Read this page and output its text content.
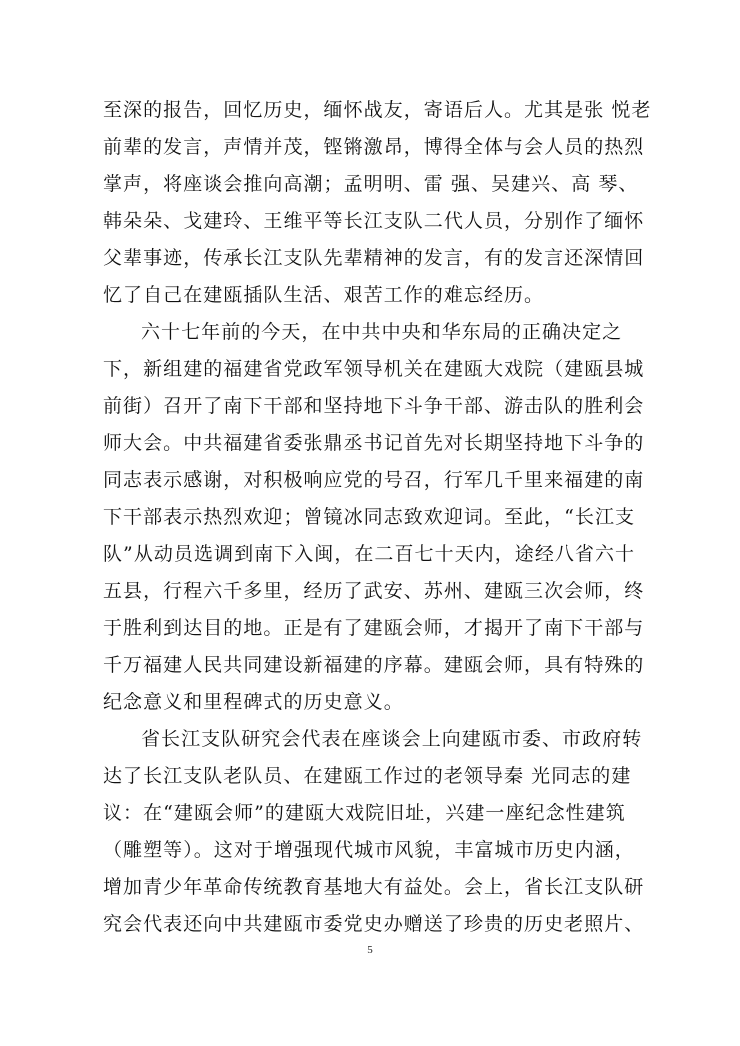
至深的报告，回忆历史，缅怀战友，寄语后人。尤其是张 悦老
前辈的发言，声情并茂，铿锵激昂，博得全体与会人员的热烈
掌声，将座谈会推向高潮；孟明明、雷 强、吴建兴、高 琴、
韩朵朵、戈建玲、王维平等长江支队二代人员，分别作了缅怀
父辈事迹，传承长江支队先辈精神的发言，有的发言还深情回
忆了自己在建瓯插队生活、艰苦工作的难忘经历。
六十七年前的今天，在中共中央和华东局的正确决定之
下，新组建的福建省党政军领导机关在建瓯大戏院（建瓯县城
前街）召开了南下干部和坚持地下斗争干部、游击队的胜利会
师大会。中共福建省委张鼎丞书记首先对长期坚持地下斗争的
同志表示感谢，对积极响应党的号召，行军几千里来福建的南
下干部表示热烈欢迎；曾镜冰同志致欢迎词。至此，“长江支
队”从动员选调到南下入闽，在二百七十天内，途经八省六十
五县，行程六千多里，经历了武安、苏州、建瓯三次会师，终
于胜利到达目的地。正是有了建瓯会师，才揭开了南下干部与
千万福建人民共同建设新福建的序幕。建瓯会师，具有特殊的
纪念意义和里程碑式的历史意义。
省长江支队研究会代表在座谈会上向建瓯市委、市政府转
达了长江支队老队员、在建瓯工作过的老领导秦 光同志的建
议：在“建瓯会师”的建瓯大戏院旧址，兴建一座纪念性建筑
（雕塑等）。这对于增强现代城市风貌，丰富城市历史内涵，
增加青少年革命传统教育基地大有益处。会上，省长江支队研
究会代表还向中共建瓯市委党史办赠送了珍贵的历史老照片、
5
